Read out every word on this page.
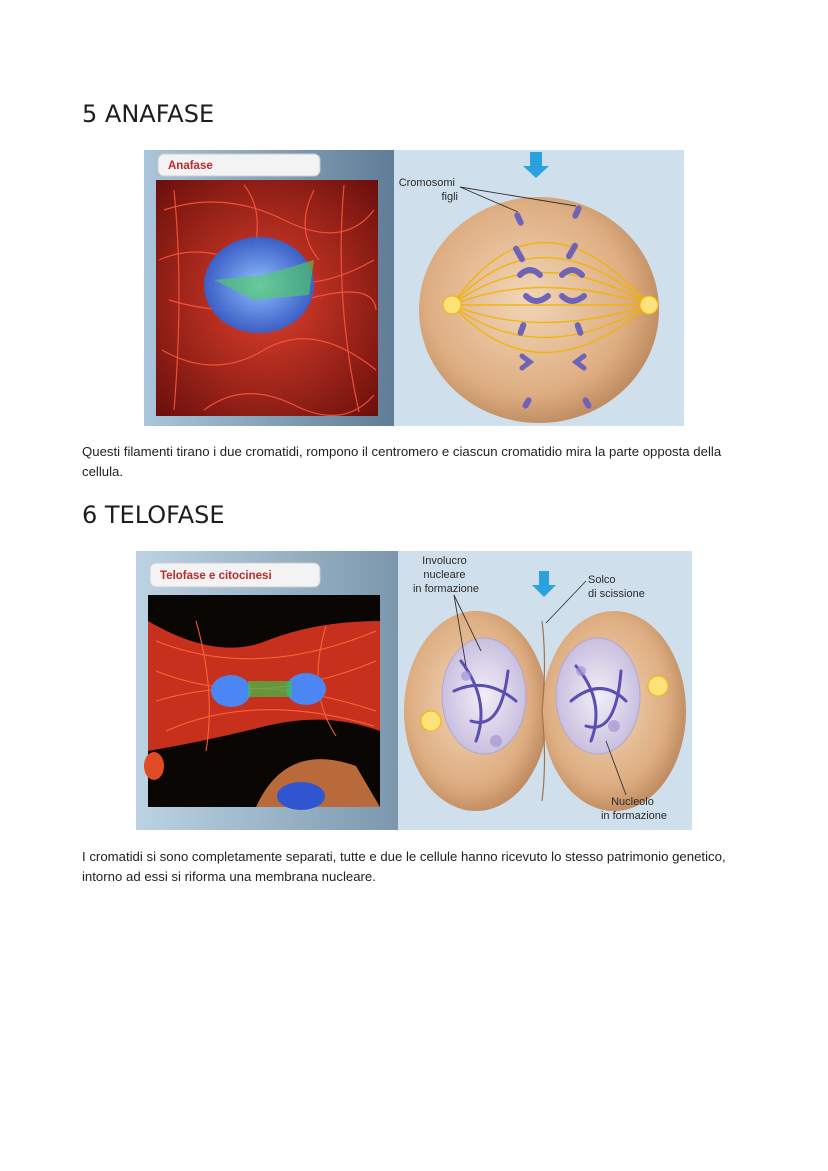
5 ANAFASE
Anafase
Cromosomi figli

Questi filamenti tirano i due cromatidi, rompono il centromero e ciascun cromatidio mira la parte opposta della cellula.

6 TELOFASE
Telofase e citocinesi
Involucro nucleare in formazione
Solco di scissione
Nucleolo in formazione

I cromatidi si sono completamente separati, tutte e due le cellule hanno ricevuto lo stesso patrimonio genetico, intorno ad essi si riforma una membrana nucleare.
